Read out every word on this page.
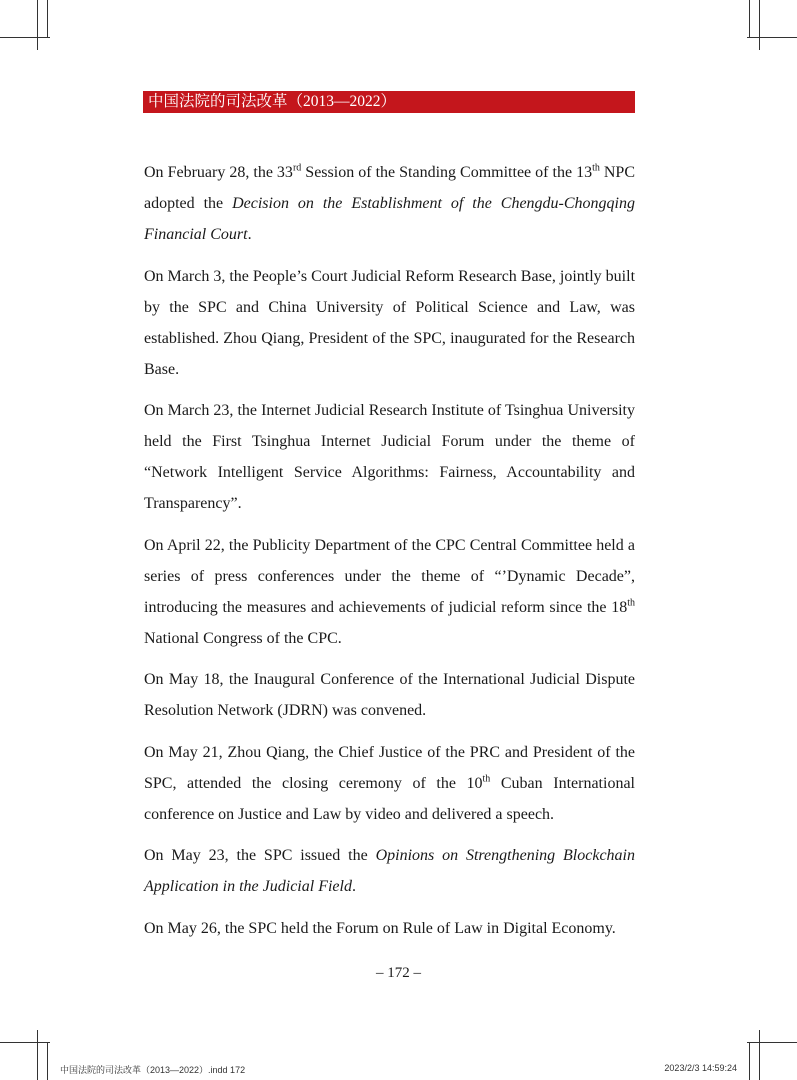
中国法院的司法改革（2013—2022）

On February 28, the 33rd Session of the Standing Committee of the 13th NPC adopted the Decision on the Establishment of the Chengdu-Chongqing Financial Court.

On March 3, the People’s Court Judicial Reform Research Base, jointly built by the SPC and China University of Political Science and Law, was established. Zhou Qiang, President of the SPC, inaugurated for the Research Base.

On March 23, the Internet Judicial Research Institute of Tsinghua University held the First Tsinghua Internet Judicial Forum under the theme of “Network Intelligent Service Algorithms: Fairness, Accountability and Transparency”.

On April 22, the Publicity Department of the CPC Central Committee held a series of press conferences under the theme of “’Dynamic Decade”, introducing the measures and achievements of judicial reform since the 18th National Congress of the CPC.

On May 18, the Inaugural Conference of the International Judicial Dispute Resolution Network (JDRN) was convened.

On May 21, Zhou Qiang, the Chief Justice of the PRC and President of the SPC, attended the closing ceremony of the 10th Cuban International conference on Justice and Law by video and delivered a speech.

On May 23, the SPC issued the Opinions on Strengthening Blockchain Application in the Judicial Field.

On May 26, the SPC held the Forum on Rule of Law in Digital Economy.

– 172 –
中国法院的司法改革（2013—2022）.indd 172	2023/2/3 14:59:24
